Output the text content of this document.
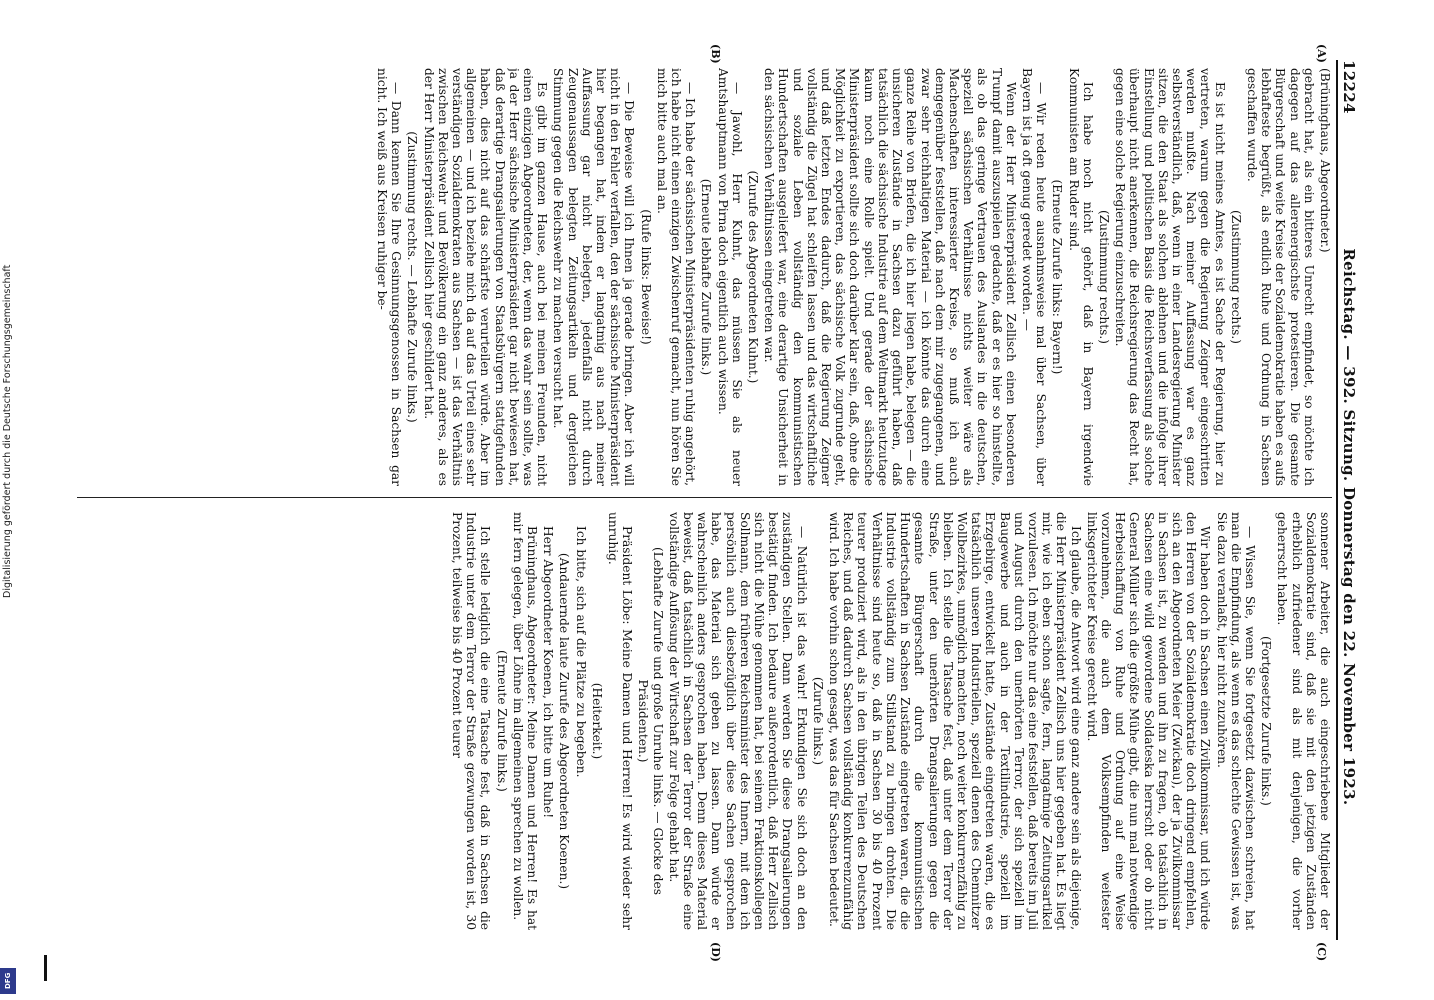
12224
Reichstag. — 392. Sitzung. Donnerstag den 22. November 1923.
(A)
(B)
(C)
(D)

(Brüninghaus, Abgeordneter.)

gebracht hat, als ein bitteres Unrecht empfindet, so möchte ich dagegen auf das allerenergischste protestieren. Die gesamte Bürgerschaft und weite Kreise der Sozialdemokratie haben es aufs lebhafteste begrüßt, als endlich Ruhe und Ordnung in Sachsen geschaffen wurde.

(Zustimmung rechts.)

Es ist nicht meines Amtes, es ist Sache der Regierung, hier zu vertreten, warum gegen die Regierung Zeigner eingeschritten werden mußte. Nach meiner Auffassung war es ganz selbstverständlich, daß, wenn in einer Landesregierung Minister sitzen, die den Staat als solchen ablehnen und die infolge ihrer Einstellung und politischen Basis die Reichsverfassung als solche überhaupt nicht anerkennen, die Reichsregierung das Recht hat, gegen eine solche Regierung einzuschreiten.

(Zustimmung rechts.)

Ich habe noch nicht gehört, daß in Bayern irgendwie Kommunisten am Ruder sind.

(Erneute Zurufe links: Bayern!)

— Wir reden heute ausnahmsweise mal über Sachsen, über Bayern ist ja oft genug geredet worden. —

Wenn der Herr Ministerpräsident Zellisch einen besonderen Trumpf damit auszuspielen gedachte, daß er es hier so hinstellte, als ob das geringe Vertrauen des Auslandes in die deutschen, speziell sächsischen Verhältnisse nichts weiter wäre als Machenschaften interessierter Kreise, so muß ich auch demgegenüber feststellen, daß nach dem mir zugegangenen, und zwar sehr reichhaltigen Material — ich könnte das durch eine ganze Reihe von Briefen, die ich hier liegen habe, belegen — die unsicheren Zustände in Sachsen dazu geführt haben, daß tatsächlich die sächsische Industrie auf dem Weltmarkt heutzutage kaum noch eine Rolle spielt. Und gerade der sächsische Ministerpräsident sollte sich doch darüber klar sein, daß, ohne die Möglichkeit zu exportieren, das sächsische Volk zugrunde geht, und daß letzten Endes dadurch, daß die Regierung Zeigner vollständig die Zügel hat schleifen lassen und das wirtschaftliche und soziale Leben vollständig den kommunistischen Hundertschaften ausgeliefert war, eine derartige Unsicherheit in den sächsischen Verhältnissen eingetreten war.

(Zurufe des Abgeordneten Kuhnt.)

— Jawohl, Herr Kuhnt, das müssen Sie als neuer Amtshauptmann von Pirna doch eigentlich auch wissen.

(Erneute lebhafte Zurufe links.)

— Ich habe der sächsischen Ministerpräsidenten ruhig angehört, ich habe nicht einen einzigen Zwischenruf gemacht, nun hören Sie mich bitte auch mal an.

(Rufe links: Beweise!)

— Die Beweise will ich Ihnen ja gerade bringen. Aber ich will nicht in den Fehler verfallen, den der sächsische Ministerpräsident hier begangen hat, indem er langatmig aus nach meiner Auffassung gar nicht belegten, jedenfalls nicht durch Zeugenaussagen belegten Zeitungsartikeln und dergleichen Stimmung gegen die Reichswehr zu machen versucht hat.

Es gibt im ganzen Hause, auch bei meinen Freunden, nicht einen einzigen Abgeordneten, der, wenn das wahr sein sollte, was ja der Herr sächsische Ministerpräsident gar nicht bewiesen hat, daß derartige Drangsalierungen von Staatsbürgern stattgefunden haben, dies nicht auf das schärfste verurteilen würde. Aber im allgemeinen — und ich beziehe mich da auf das Urteil eines sehr verständigen Sozialdemokraten aus Sachsen — ist das Verhältnis zwischen Reichswehr und Bevölkerung ein ganz anderes, als es der Herr Ministerpräsident Zellisch hier geschildert hat.

(Zustimmung rechts. — Lebhafte Zurufe links.)

— Dann kennen Sie Ihre Gesinnungsgenossen in Sachsen gar nicht. Ich weiß aus Kreisen ruhiger be-

sonnener Arbeiter, die auch eingeschriebene Mitglieder der Sozialdemokratie sind, daß sie mit den jetzigen Zuständen erheblich zufriedener sind als mit denjenigen, die vorher geherrscht haben.

(Fortgesetzte Zurufe links.)

— Wissen Sie, wenn Sie fortgesetzt dazwischen schreien, hat man die Empfindung, als wenn es das schlechte Gewissen ist, was Sie dazu veranlaßt, hier nicht zuzuhören.

Wir haben doch in Sachsen einen Zivilkommissar, und ich würde den Herren von der Sozialdemokratie doch dringend empfehlen, sich an den Abgeordneten Meier (Zwickau), der ja Zivilkommissar in Sachsen ist, zu wenden und ihn zu fragen, ob tatsächlich in Sachsen eine wild gewordene Soldateska herrscht oder ob nicht General Müller sich die größte Mühe gibt, die nun mal notwendige Herbeischaffung von Ruhe und Ordnung auf eine Weise vorzunehmen, die auch dem Volksempfinden weitester linksgerichteter Kreise gerecht wird.

Ich glaube, die Antwort wird eine ganz andere sein als diejenige, die Herr Ministerpräsident Zellisch uns hier gegeben hat. Es liegt mir, wie ich eben schon sagte, fern, langatmige Zeitungsartikel vorzulesen. Ich möchte nur das eine feststellen, daß bereits im Juli und August durch den unerhörten Terror, der sich speziell im Baugewerbe und auch in der Textilindustrie, speziell im Erzgebirge, entwickelt hatte, Zustände eingetreten waren, die es tatsächlich unseren Industriellen, speziell denen des Chemnitzer Wollbezirkes, unmöglich machten, noch weiter konkurrenzfähig zu bleiben. Ich stelle die Tatsache fest, daß unter dem Terror der Straße, unter den unerhörten Drangsalierungen gegen die gesamte Bürgerschaft durch die kommunistischen Hundertschaften in Sachsen Zustände eingetreten waren, die die Industrie vollständig zum Stillstand zu bringen drohten. Die Verhältnisse sind heute so, daß in Sachsen 30 bis 40 Prozent teurer produziert wird, als in den übrigen Teilen des Deutschen Reiches, und daß dadurch Sachsen vollständig konkurrenzunfähig wird. Ich habe vorhin schon gesagt, was das für Sachsen bedeutet.

(Zurufe links.)

— Natürlich ist das wahr! Erkundigen Sie sich doch an den zuständigen Stellen. Dann werden Sie diese Drangsalierungen bestätigt finden. Ich bedaure außerordentlich, daß Herr Zellisch sich nicht die Mühe genommen hat, bei seinem Fraktionskollegen Sollmann, dem früheren Reichsminister des Innern, mit dem ich persönlich auch diesbezüglich über diese Sachen gesprochen habe, das Material sich geben zu lassen. Dann würde er wahrscheinlich anders gesprochen haben. Denn dieses Material beweist, daß tatsächlich in Sachsen der Terror der Straße eine vollständige Auflösung der Wirtschaft zur Folge gehabt hat.

(Lebhafte Zurufe und große Unruhe links. — Glocke des Präsidenten.)

Präsident Löbe: Meine Damen und Herren! Es wird wieder sehr unruhig.

(Heiterkeit.)

Ich bitte, sich auf die Plätze zu begeben.

(Andauernde laute Zurufe des Abgeordneten Koenen.)

Herr Abgeordneter Koenen, ich bitte um Ruhe!

Brüninghaus, Abgeordneter: Meine Damen und Herren! Es hat mir fern gelegen, über Löhne im allgemeinen sprechen zu wollen.

(Erneute Zurufe links.)

Ich stelle lediglich die eine Tatsache fest, daß in Sachsen die Industrie unter dem Terror der Straße gezwungen worden ist, 30 Prozent, teilweise bis 40 Prozent teurer

Digitalisierung gefördert durch die Deutsche Forschungsgemeinschaft
DFG
